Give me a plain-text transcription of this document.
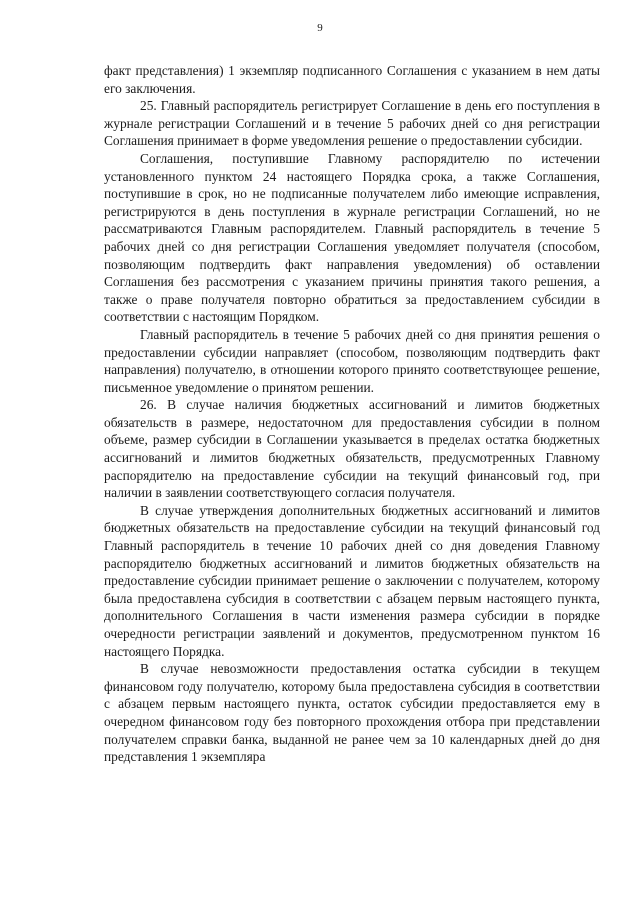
9

факт представления) 1 экземпляр подписанного Соглашения с указанием в нем даты его заключения.

25. Главный распорядитель регистрирует Соглашение в день его поступления в журнале регистрации Соглашений и в течение 5 рабочих дней со дня регистрации Соглашения принимает в форме уведомления решение о предоставлении субсидии.

Соглашения, поступившие Главному распорядителю по истечении установленного пунктом 24 настоящего Порядка срока, а также Соглашения, поступившие в срок, но не подписанные получателем либо имеющие исправления, регистрируются в день поступления в журнале регистрации Соглашений, но не рассматриваются Главным распорядителем. Главный распорядитель в течение 5 рабочих дней со дня регистрации Соглашения уведомляет получателя (способом, позволяющим подтвердить факт направления уведомления) об оставлении Соглашения без рассмотрения с указанием причины принятия такого решения, а также о праве получателя повторно обратиться за предоставлением субсидии в соответствии с настоящим Порядком.

Главный распорядитель в течение 5 рабочих дней со дня принятия решения о предоставлении субсидии направляет (способом, позволяющим подтвердить факт направления) получателю, в отношении которого принято соответствующее решение, письменное уведомление о принятом решении.

26. В случае наличия бюджетных ассигнований и лимитов бюджетных обязательств в размере, недостаточном для предоставления субсидии в полном объеме, размер субсидии в Соглашении указывается в пределах остатка бюджетных ассигнований и лимитов бюджетных обязательств, предусмотренных Главному распорядителю на предоставление субсидии на текущий финансовый год, при наличии в заявлении соответствующего согласия получателя.

В случае утверждения дополнительных бюджетных ассигнований и лимитов бюджетных обязательств на предоставление субсидии на текущий финансовый год Главный распорядитель в течение 10 рабочих дней со дня доведения Главному распорядителю бюджетных ассигнований и лимитов бюджетных обязательств на предоставление субсидии принимает решение о заключении с получателем, которому была предоставлена субсидия в соответствии с абзацем первым настоящего пункта, дополнительного Соглашения в части изменения размера субсидии в порядке очередности регистрации заявлений и документов, предусмотренном пунктом 16 настоящего Порядка.

В случае невозможности предоставления остатка субсидии в текущем финансовом году получателю, которому была предоставлена субсидия в соответствии с абзацем первым настоящего пункта, остаток субсидии предоставляется ему в очередном финансовом году без повторного прохождения отбора при представлении получателем справки банка, выданной не ранее чем за 10 календарных дней до дня представления 1 экземпляра
